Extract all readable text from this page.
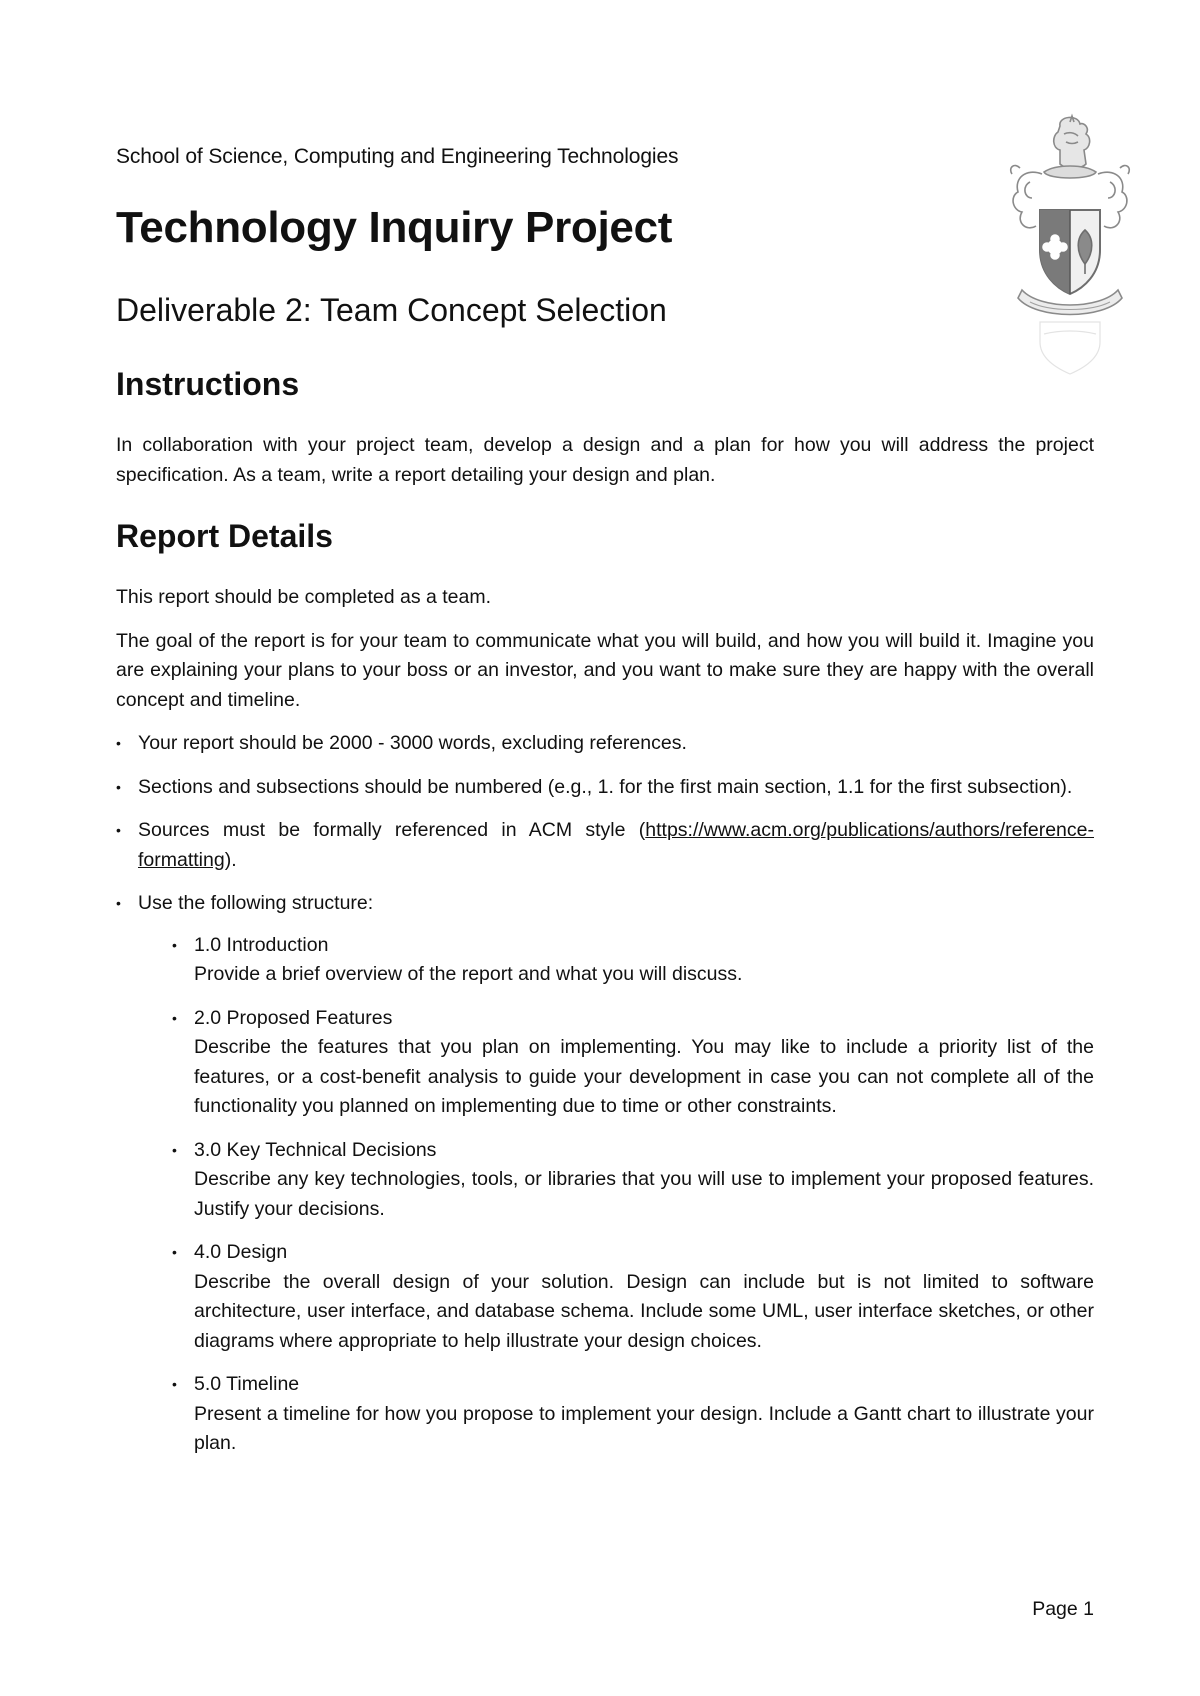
School of Science, Computing and Engineering Technologies
Technology Inquiry Project
Deliverable 2: Team Concept Selection
Instructions

In collaboration with your project team, develop a design and a plan for how you will address the project specification. As a team, write a report detailing your design and plan.

Report Details

This report should be completed as a team.

The goal of the report is for your team to communicate what you will build, and how you will build it. Imagine you are explaining your plans to your boss or an investor, and you want to make sure they are happy with the overall concept and timeline.

• Your report should be 2000 - 3000 words, excluding references.
• Sections and subsections should be numbered (e.g., 1. for the first main section, 1.1 for the first subsection).
• Sources must be formally referenced in ACM style (https://www.acm.org/publications/authors/reference-formatting).
• Use the following structure:
• 1.0 Introduction
Provide a brief overview of the report and what you will discuss.
• 2.0 Proposed Features
Describe the features that you plan on implementing. You may like to include a priority list of the features, or a cost-benefit analysis to guide your development in case you can not complete all of the functionality you planned on implementing due to time or other constraints.
• 3.0 Key Technical Decisions
Describe any key technologies, tools, or libraries that you will use to implement your proposed features. Justify your decisions.
• 4.0 Design
Describe the overall design of your solution. Design can include but is not limited to software architecture, user interface, and database schema. Include some UML, user interface sketches, or other diagrams where appropriate to help illustrate your design choices.
• 5.0 Timeline
Present a timeline for how you propose to implement your design. Include a Gantt chart to illustrate your plan.
Page 1
